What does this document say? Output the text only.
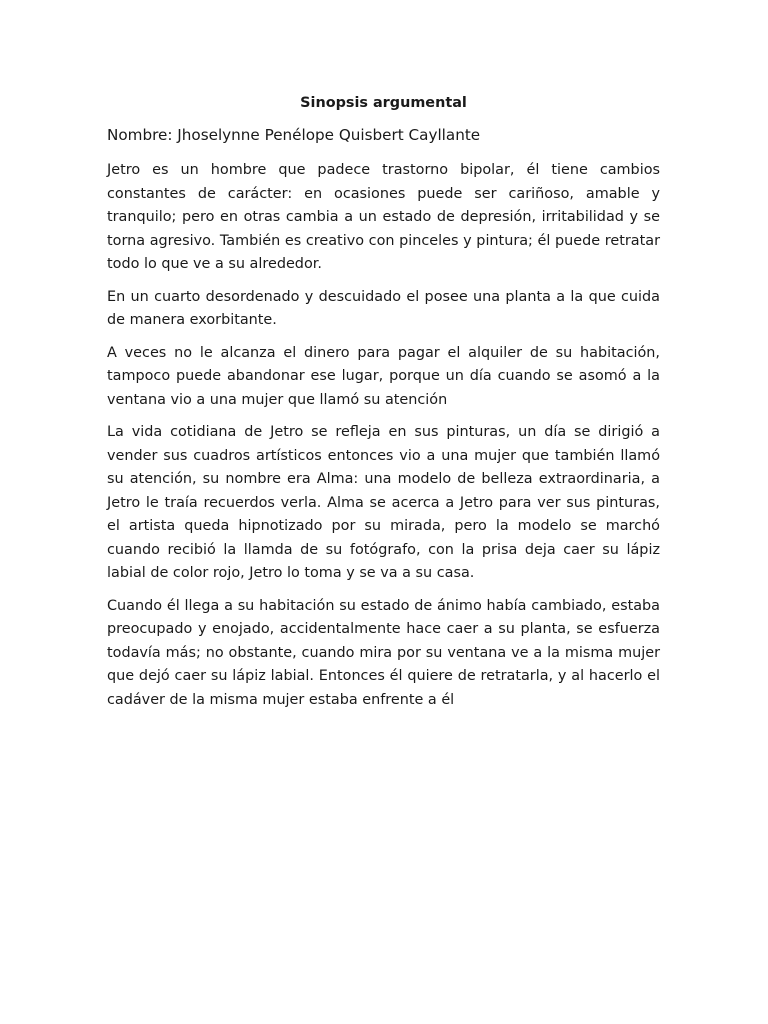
Sinopsis argumental

Nombre: Jhoselynne Penélope Quisbert Cayllante

Jetro es un hombre que padece trastorno bipolar, él tiene cambios constantes de carácter: en ocasiones puede ser cariñoso, amable y tranquilo; pero en otras cambia a un estado de depresión, irritabilidad y se torna agresivo. También es creativo con pinceles y pintura; él puede retratar todo lo que ve a su alrededor.

En un cuarto desordenado y descuidado el posee una planta a la que cuida de manera exorbitante.

A veces no le alcanza el dinero para pagar el alquiler de su habitación, tampoco puede abandonar ese lugar, porque un día cuando se asomó a la ventana vio a una mujer que llamó su atención

La vida cotidiana de Jetro se refleja en sus pinturas, un día se dirigió a vender sus cuadros artísticos entonces vio a una mujer que también llamó su atención, su nombre era Alma: una modelo de belleza extraordinaria, a Jetro le traía recuerdos verla. Alma se acerca a Jetro para ver sus pinturas, el artista queda hipnotizado por su mirada, pero la modelo se marchó cuando recibió la llamda de su fotógrafo, con la prisa deja caer su lápiz labial de color rojo, Jetro lo toma y se va a su casa.

Cuando él llega a su habitación su estado de ánimo había cambiado, estaba preocupado y enojado, accidentalmente hace caer a su planta, se esfuerza todavía más; no obstante, cuando mira por su ventana ve a la misma mujer que dejó caer su lápiz labial. Entonces él quiere de retratarla, y al hacerlo el cadáver de la misma mujer estaba enfrente a él
